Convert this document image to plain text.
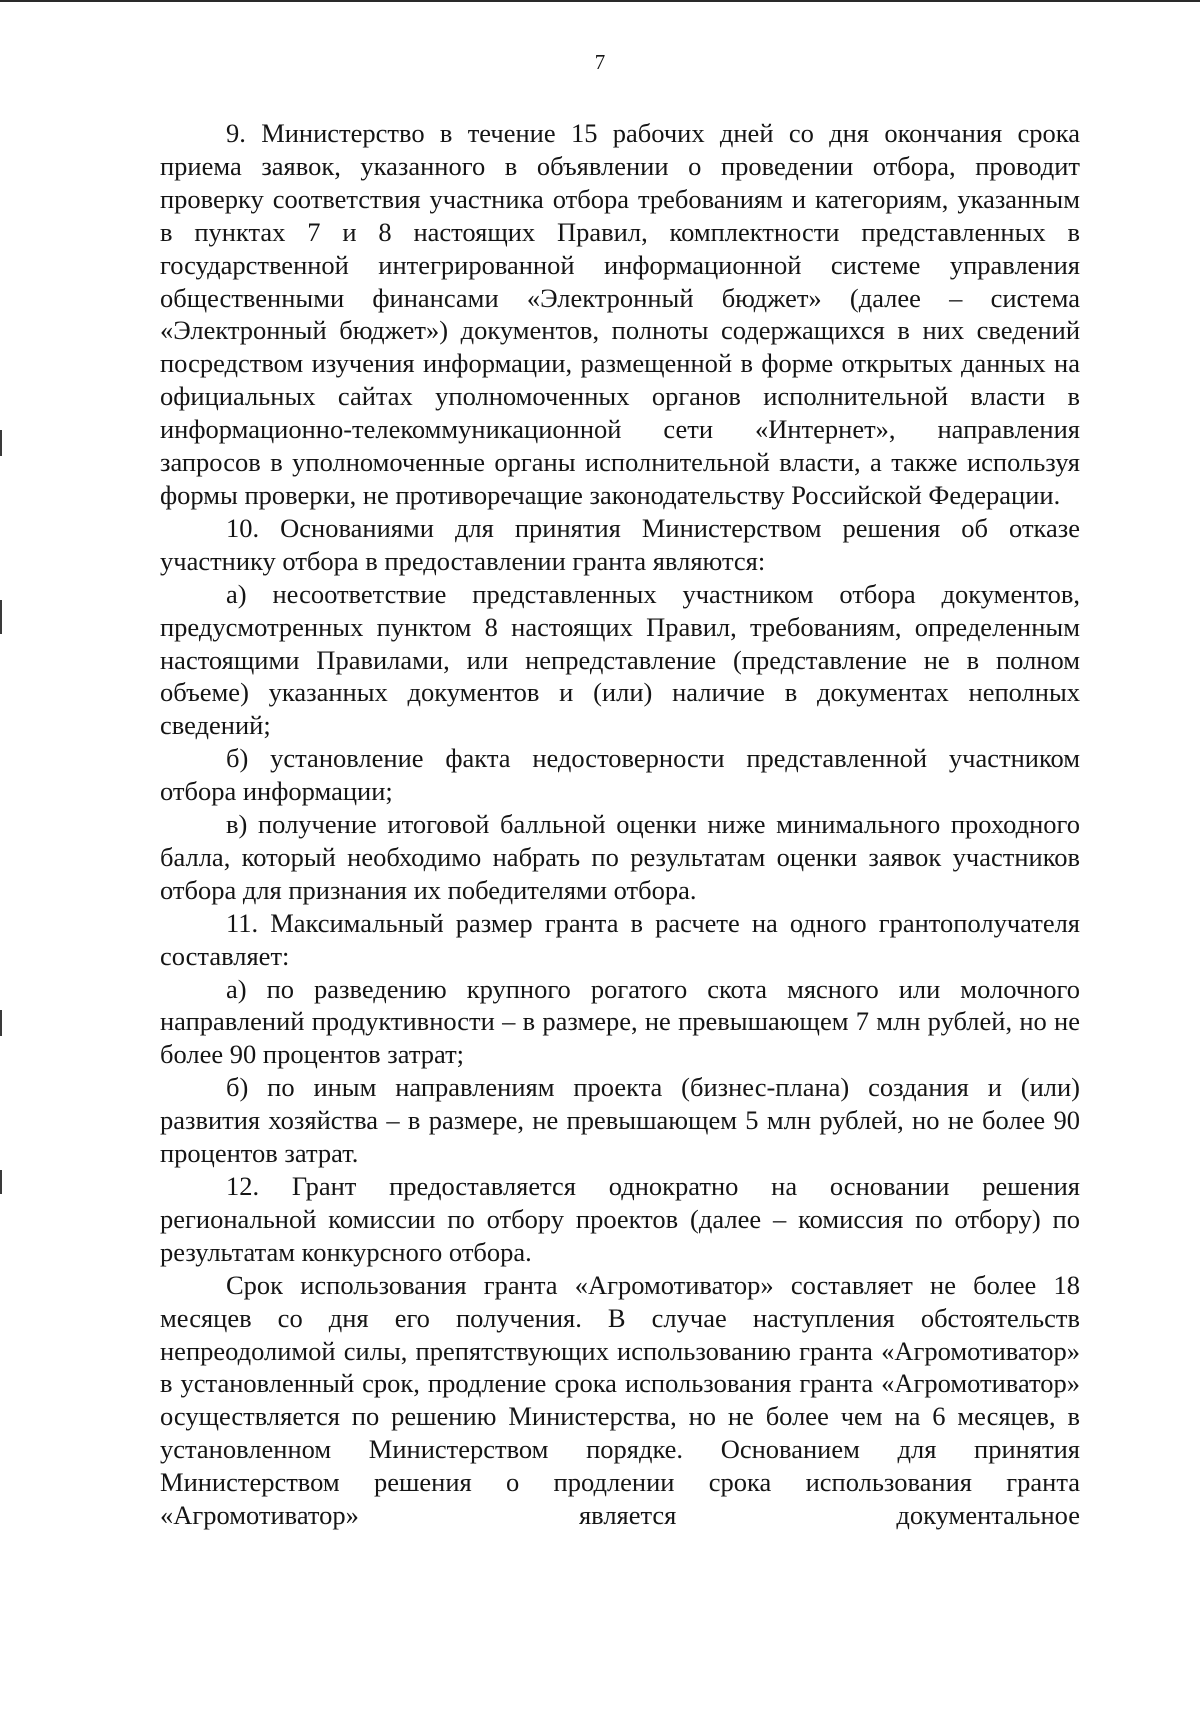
7

9. Министерство в течение 15 рабочих дней со дня окончания срока приема заявок, указанного в объявлении о проведении отбора, проводит проверку соответствия участника отбора требованиям и категориям, указанным в пунктах 7 и 8 настоящих Правил, комплектности представленных в государственной интегрированной информационной системе управления общественными финансами «Электронный бюджет» (далее – система «Электронный бюджет») документов, полноты содержащихся в них сведений посредством изучения информации, размещенной в форме открытых данных на официальных сайтах уполномоченных органов исполнительной власти в информационно-телекоммуникационной сети «Интернет», направления запросов в уполномоченные органы исполнительной власти, а также используя формы проверки, не противоречащие законодательству Российской Федерации.

10. Основаниями для принятия Министерством решения об отказе участнику отбора в предоставлении гранта являются:

а) несоответствие представленных участником отбора документов, предусмотренных пунктом 8 настоящих Правил, требованиям, определенным настоящими Правилами, или непредставление (представление не в полном объеме) указанных документов и (или) наличие в документах неполных сведений;

б) установление факта недостоверности представленной участником отбора информации;

в) получение итоговой балльной оценки ниже минимального проходного балла, который необходимо набрать по результатам оценки заявок участников отбора для признания их победителями отбора.

11. Максимальный размер гранта в расчете на одного грантополучателя составляет:

а) по разведению крупного рогатого скота мясного или молочного направлений продуктивности – в размере, не превышающем 7 млн рублей, но не более 90 процентов затрат;

б) по иным направлениям проекта (бизнес-плана) создания и (или) развития хозяйства – в размере, не превышающем 5 млн рублей, но не более 90 процентов затрат.

12. Грант предоставляется однократно на основании решения региональной комиссии по отбору проектов (далее – комиссия по отбору) по результатам конкурсного отбора.

Срок использования гранта «Агромотиватор» составляет не более 18 месяцев со дня его получения. В случае наступления обстоятельств непреодолимой силы, препятствующих использованию гранта «Агромотиватор» в установленный срок, продление срока использования гранта «Агромотиватор» осуществляется по решению Министерства, но не более чем на 6 месяцев, в установленном Министерством порядке. Основанием для принятия Министерством решения о продлении срока использования гранта «Агромотиватор» является документальное
